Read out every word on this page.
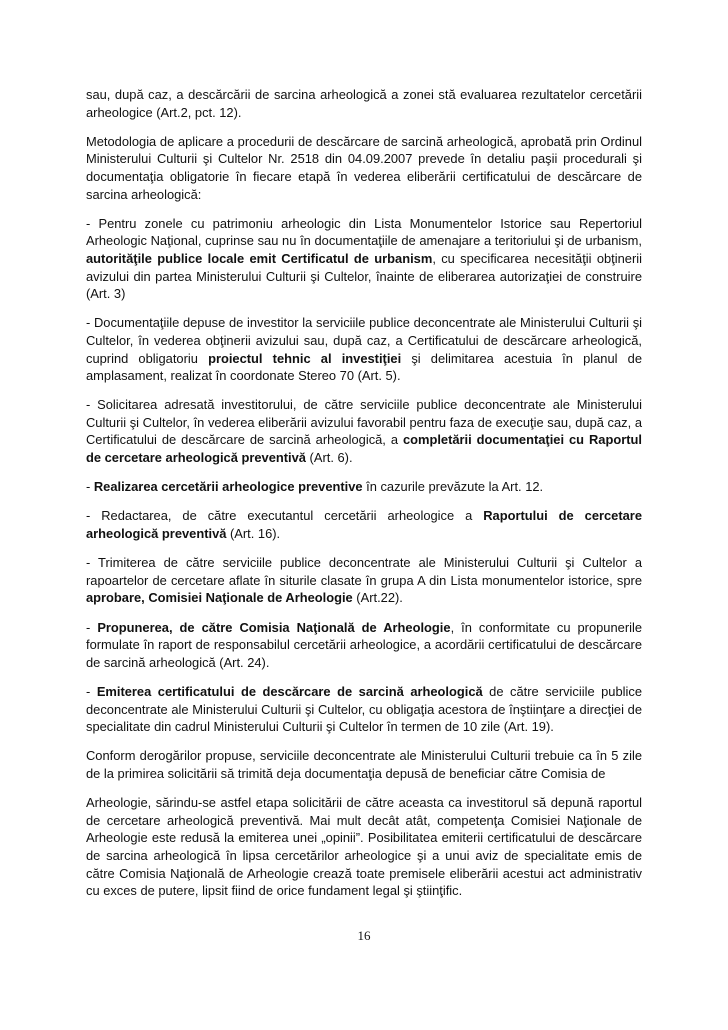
sau, după caz, a descărcării de sarcina arheologică a zonei stă evaluarea rezultatelor cercetării arheologice (Art.2, pct. 12).

Metodologia de aplicare a procedurii de descărcare de sarcină arheologică, aprobată prin Ordinul Ministerului Culturii şi Cultelor Nr. 2518 din 04.09.2007 prevede în detaliu paşii procedurali şi documentaţia obligatorie în fiecare etapă în vederea eliberării certificatului de descărcare de sarcina arheologică:

- Pentru zonele cu patrimoniu arheologic din Lista Monumentelor Istorice sau Repertoriul Arheologic Naţional, cuprinse sau nu în documentaţiile de amenajare a teritoriului şi de urbanism, autorităţile publice locale emit Certificatul de urbanism, cu specificarea necesităţii obţinerii avizului din partea Ministerului Culturii şi Cultelor, înainte de eliberarea autorizaţiei de construire (Art. 3)

- Documentaţiile depuse de investitor la serviciile publice deconcentrate ale Ministerului Culturii şi Cultelor, în vederea obţinerii avizului sau, după caz, a Certificatului de descărcare arheologică, cuprind obligatoriu proiectul tehnic al investiţiei şi delimitarea acestuia în planul de amplasament, realizat în coordonate Stereo 70 (Art. 5).

- Solicitarea adresată investitorului, de către serviciile publice deconcentrate ale Ministerului Culturii şi Cultelor, în vederea eliberării avizului favorabil pentru faza de execuţie sau, după caz, a Certificatului de descărcare de sarcină arheologică, a completării documentaţiei cu Raportul de cercetare arheologică preventivă (Art. 6).

- Realizarea cercetării arheologice preventive în cazurile prevăzute la Art. 12.

- Redactarea, de către executantul cercetării arheologice a Raportului de cercetare arheologică preventivă (Art. 16).

- Trimiterea de către serviciile publice deconcentrate ale Ministerului Culturii şi Cultelor a rapoartelor de cercetare aflate în siturile clasate în grupa A din Lista monumentelor istorice, spre aprobare, Comisiei Naţionale de Arheologie (Art.22).

- Propunerea, de către Comisia Naţională de Arheologie, în conformitate cu propunerile formulate în raport de responsabilul cercetării arheologice, a acordării certificatului de descărcare de sarcină arheologică (Art. 24).

- Emiterea certificatului de descărcare de sarcină arheologică de către serviciile publice deconcentrate ale Ministerului Culturii şi Cultelor, cu obligaţia acestora de înştiinţare a direcţiei de specialitate din cadrul Ministerului Culturii şi Cultelor în termen de 10 zile (Art. 19).

Conform derogărilor propuse, serviciile deconcentrate ale Ministerului Culturii trebuie ca în 5 zile de la primirea solicitării să trimită deja documentaţia depusă de beneficiar către Comisia de

Arheologie, sărindu-se astfel etapa solicitării de către aceasta ca investitorul să depună raportul de cercetare arheologică preventivă. Mai mult decât atât, competenţa Comisiei Naţionale de Arheologie este redusă la emiterea unei „opinii”. Posibilitatea emiterii certificatului de descărcare de sarcina arheologică în lipsa cercetărilor arheologice şi a unui aviz de specialitate emis de către Comisia Naţională de Arheologie crează toate premisele eliberării acestui act administrativ cu exces de putere, lipsit fiind de orice fundament legal şi ştiinţific.

16
